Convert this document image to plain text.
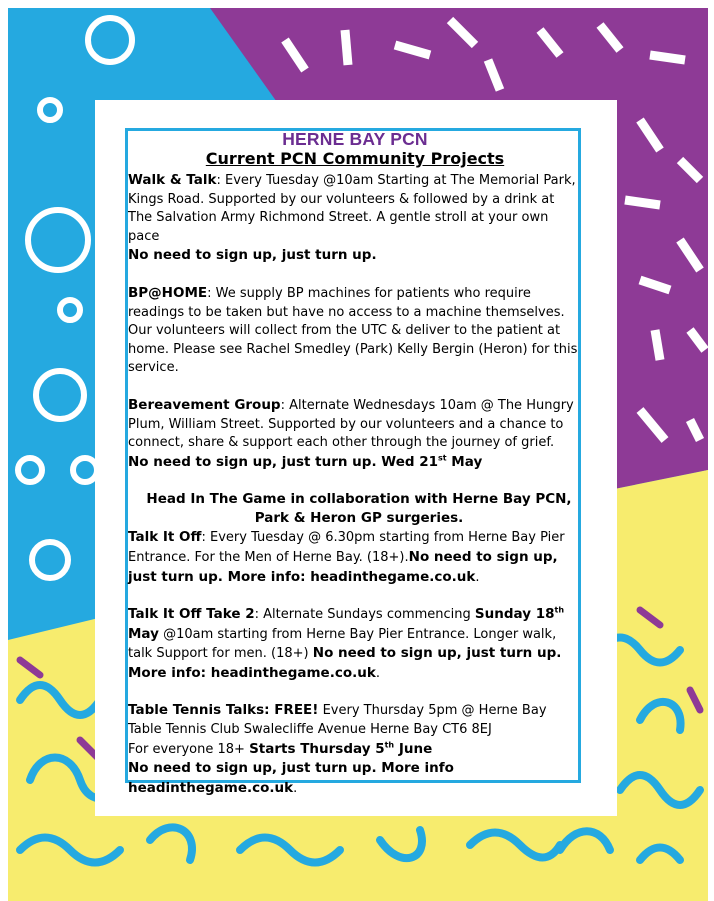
HERNE BAY PCN

Current PCN Community Projects

Walk & Talk: Every Tuesday @10am Starting at The Memorial Park, Kings Road. Supported by our volunteers & followed by a drink at The Salvation Army Richmond Street. A gentle stroll at your own pace
No need to sign up, just turn up.

BP@HOME: We supply BP machines for patients who require readings to be taken but have no access to a machine themselves. Our volunteers will collect from the UTC & deliver to the patient at home. Please see Rachel Smedley (Park) Kelly Bergin (Heron) for this service.

Bereavement Group: Alternate Wednesdays 10am @ The Hungry Plum, William Street. Supported by our volunteers and a chance to connect, share & support each other through the journey of grief.
No need to sign up, just turn up. Wed 21st May

Head In The Game in collaboration with Herne Bay PCN,

Park & Heron GP surgeries.

Talk It Off: Every Tuesday @ 6.30pm starting from Herne Bay Pier Entrance. For the Men of Herne Bay. (18+).No need to sign up, just turn up. More info: headinthegame.co.uk.

Talk It Off Take 2: Alternate Sundays commencing Sunday 18th May @10am starting from Herne Bay Pier Entrance. Longer walk, talk Support for men. (18+) No need to sign up, just turn up. More info: headinthegame.co.uk.

Table Tennis Talks: FREE! Every Thursday 5pm @ Herne Bay Table Tennis Club Swalecliffe Avenue Herne Bay CT6 8EJ
For everyone 18+ Starts Thursday 5th June
No need to sign up, just turn up. More info headinthegame.co.uk.
